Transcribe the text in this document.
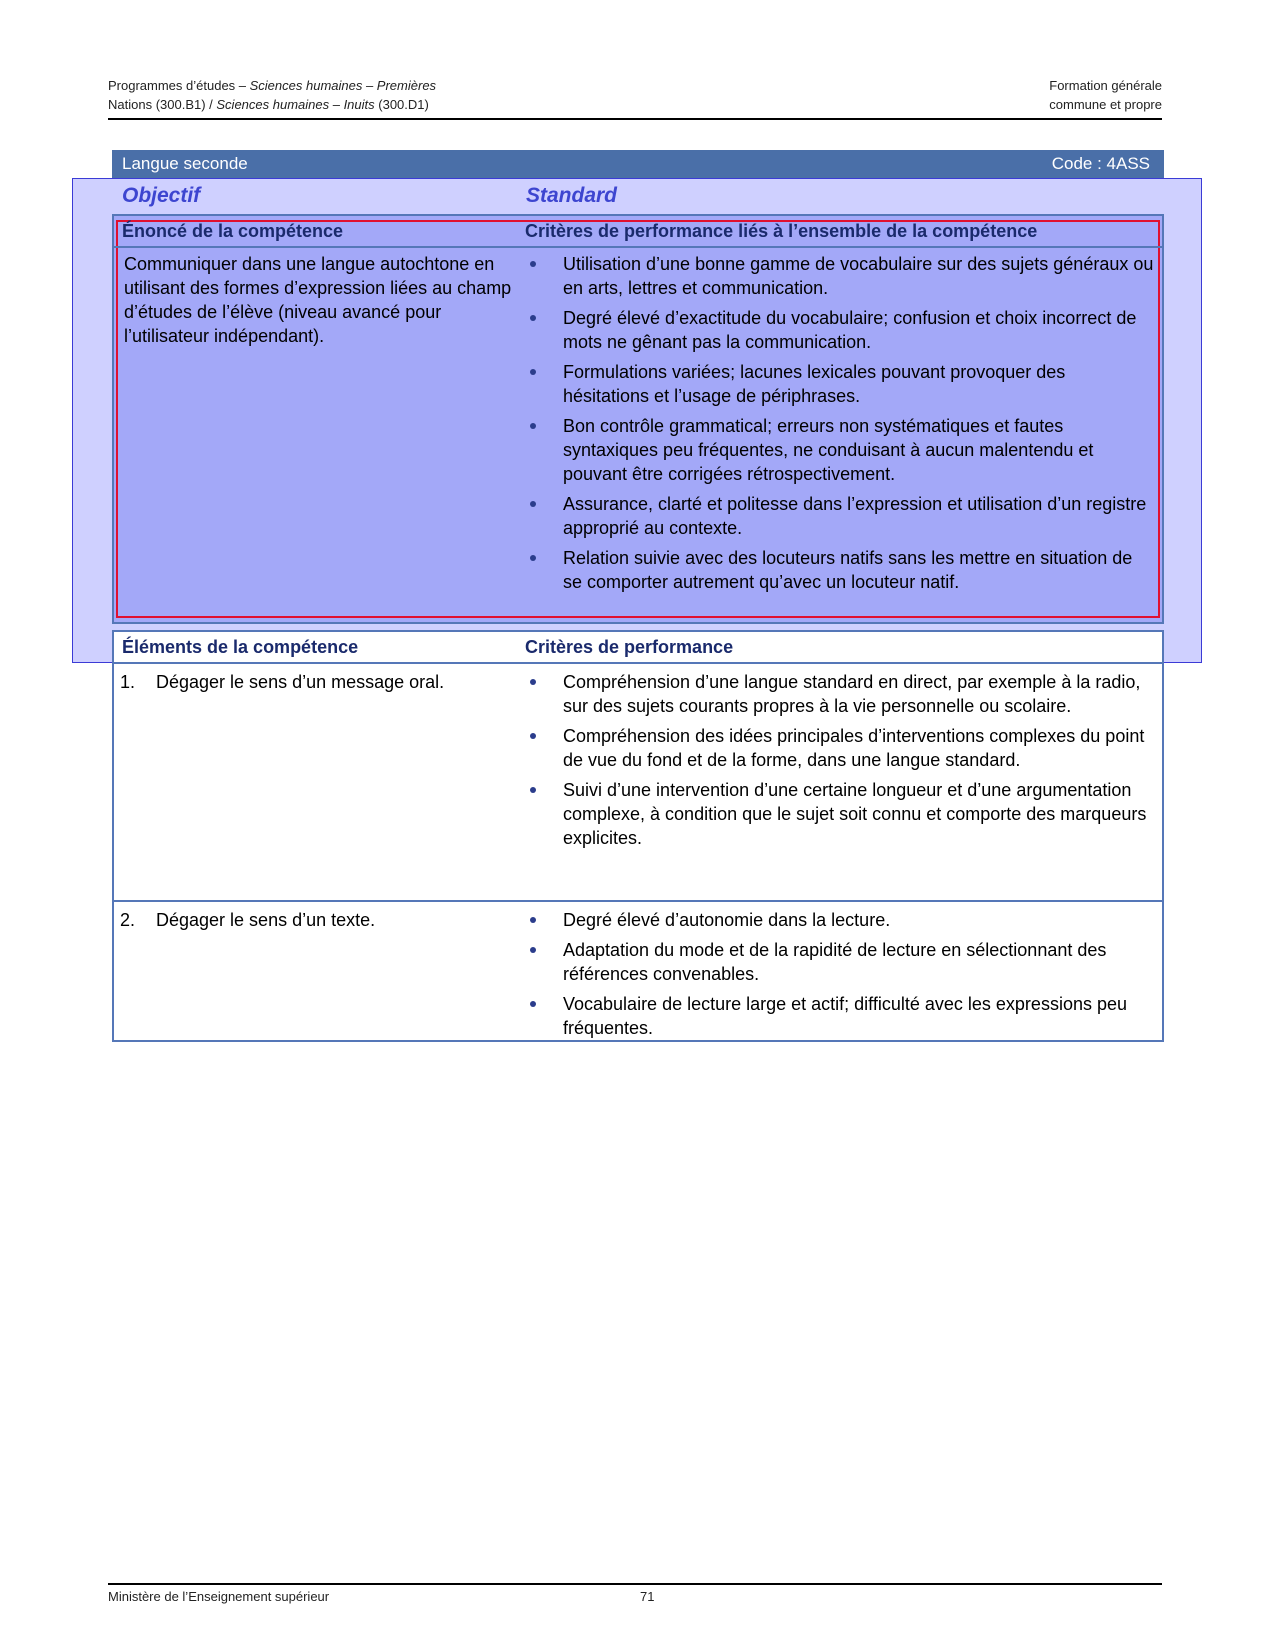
Programmes d’études – Sciences humaines – Premières	Formation générale
Nations (300.B1) / Sciences humaines – Inuits (300.D1)	commune et propre
Langue seconde	Code : 4ASS
Objectif	Standard
Énoncé de la compétence	Critères de performance liés à l’ensemble de la compétence
Communiquer dans une langue autochtone en utilisant des formes d’expression liées au champ d’études de l’élève (niveau avancé pour l’utilisateur indépendant).
Utilisation d’une bonne gamme de vocabulaire sur des sujets généraux ou en arts, lettres et communication.
Degré élevé d’exactitude du vocabulaire; confusion et choix incorrect de mots ne gênant pas la communication.
Formulations variées; lacunes lexicales pouvant provoquer des hésitations et l’usage de périphrases.
Bon contrôle grammatical; erreurs non systématiques et fautes syntaxiques peu fréquentes, ne conduisant à aucun malentendu et pouvant être corrigées rétrospectivement.
Assurance, clarté et politesse dans l’expression et utilisation d’un registre approprié au contexte.
Relation suivie avec des locuteurs natifs sans les mettre en situation de se comporter autrement qu’avec un locuteur natif.
Éléments de la compétence	Critères de performance
1.	Dégager le sens d’un message oral.	Compréhension d’une langue standard en direct, par exemple à la radio, sur des sujets courants propres à la vie personnelle ou scolaire.
Compréhension des idées principales d’interventions complexes du point de vue du fond et de la forme, dans une langue standard.
Suivi d’une intervention d’une certaine longueur et d’une argumentation complexe, à condition que le sujet soit connu et comporte des marqueurs explicites.
2.	Dégager le sens d’un texte.	Degré élevé d’autonomie dans la lecture.
Adaptation du mode et de la rapidité de lecture en sélectionnant des références convenables.
Vocabulaire de lecture large et actif; difficulté avec les expressions peu fréquentes.
Ministère de l’Enseignement supérieur	71
